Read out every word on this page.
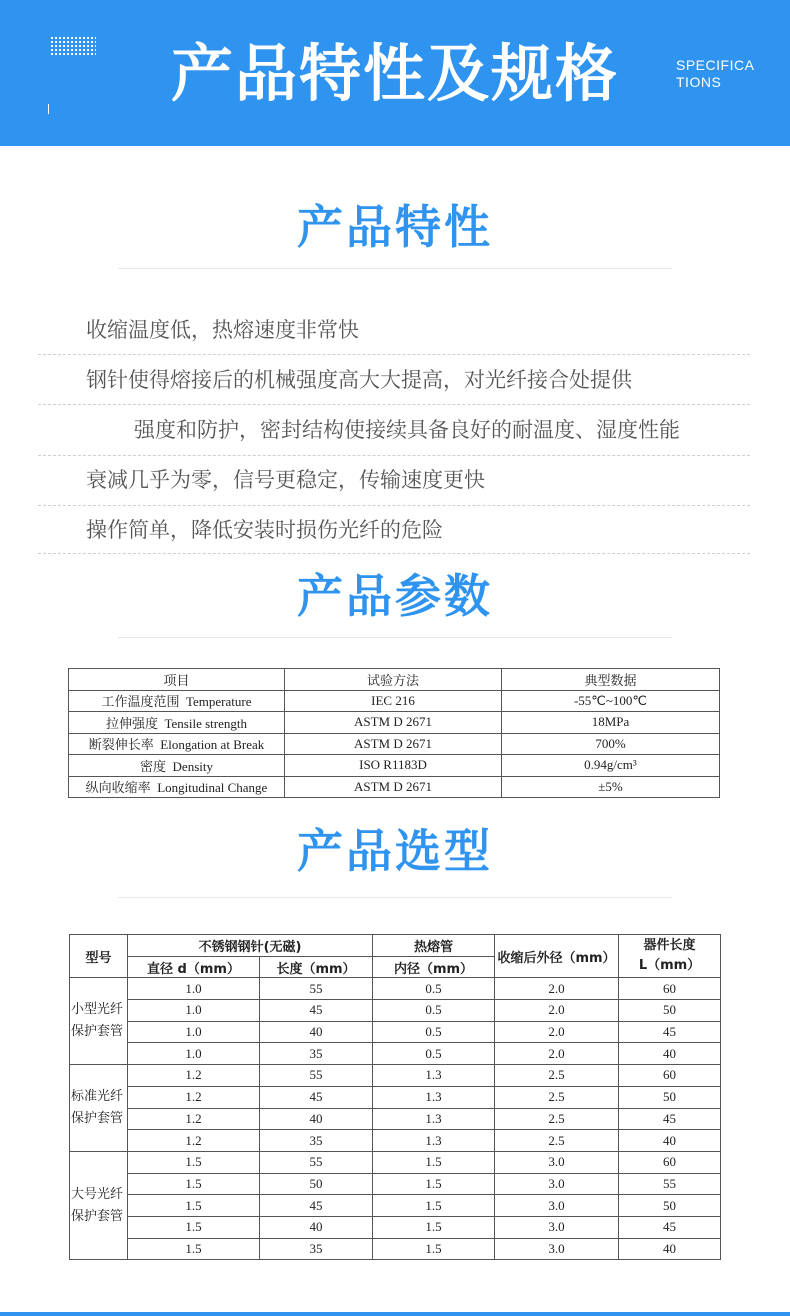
产品特性及规格	SPECIFICA
TIONS
产品特性
收缩温度低，热熔速度非常快
钢针使得熔接后的机械强度高大大提高，对光纤接合处提供
强度和防护，密封结构使接续具备良好的耐温度、湿度性能
衰减几乎为零，信号更稳定，传输速度更快
操作简单，降低安装时损伤光纤的危险
产品参数
项目	试验方法	典型数据
工作温度范围 Temperature	IEC 216	-55℃~100℃
拉伸强度 Tensile strength	ASTM D 2671	18MPa
断裂伸长率 Elongation at Break	ASTM D 2671	700%
密度 Density	ISO R1183D	0.94g/cm³
纵向收缩率 Longitudinal Change	ASTM D 2671	±5%
产品选型
型号	不锈钢钢针(无磁)		热熔管	收缩后外径（mm）	器件长度
L（mm）

	直径 d（mm）	长度（mm）	内径（mm）		
小型光纤保护套管	1.0	55	0.5	2.0	60
	1.0	45	0.5	2.0	50
	1.0	40	0.5	2.0	45
	1.0	35	0.5	2.0	40
标准光纤保护套管	1.2	55	1.3	2.5	60
	1.2	45	1.3	2.5	50
	1.2	40	1.3	2.5	45
	1.2	35	1.3	2.5	40
大号光纤保护套管	1.5	55	1.5	3.0	60
	1.5	50	1.5	3.0	55
	1.5	45	1.5	3.0	50
	1.5	40	1.5	3.0	45
	1.5	35	1.5	3.0	40
